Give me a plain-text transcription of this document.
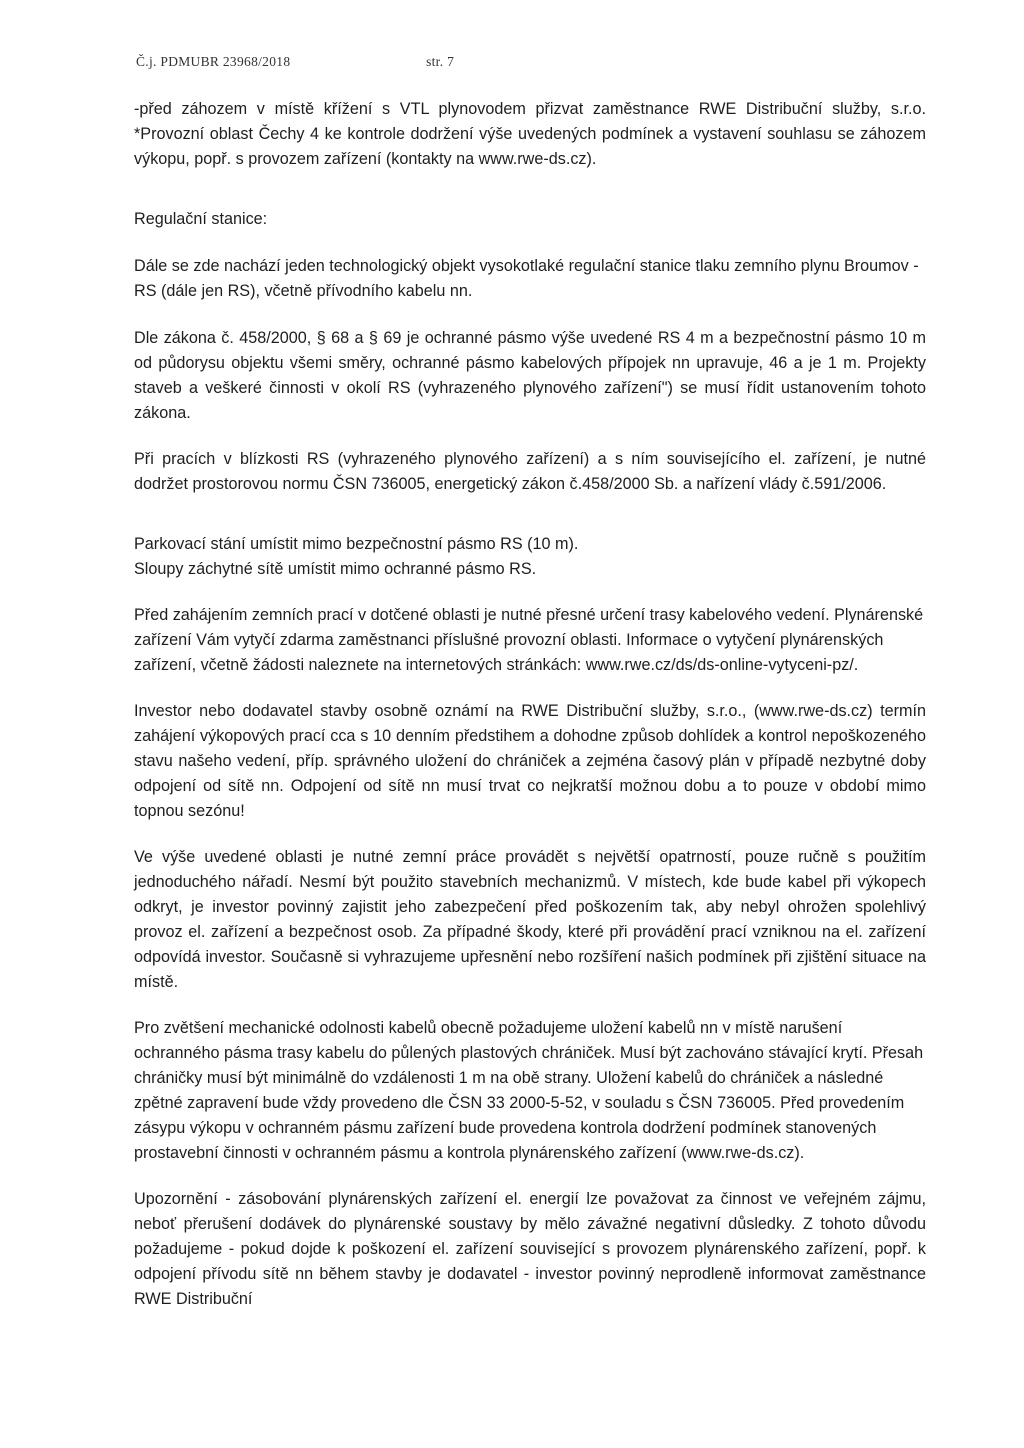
Č.j. PDMUBR 23968/2018	str. 7

-před záhozem v místě křížení s VTL plynovodem přizvat zaměstnance RWE Distribuční služby, s.r.o. *Provozní oblast Čechy 4 ke kontrole dodržení výše uvedených podmínek a vystavení souhlasu se záhozem výkopu, popř. s provozem zařízení (kontakty na www.rwe-ds.cz).

Regulační stanice:

Dále se zde nachází jeden technologický objekt vysokotlaké regulační stanice tlaku zemního plynu Broumov - RS (dále jen RS), včetně přívodního kabelu nn.

Dle zákona č. 458/2000, § 68 a § 69 je ochranné pásmo výše uvedené RS 4 m a bezpečnostní pásmo 10 m od půdorysu objektu všemi směry, ochranné pásmo kabelových přípojek nn upravuje, 46 a je 1 m. Projekty staveb a veškeré činnosti v okolí RS (vyhrazeného plynového zařízení") se musí řídit ustanovením tohoto zákona.

Při pracích v blízkosti RS (vyhrazeného plynového zařízení) a s ním souvisejícího el. zařízení, je nutné dodržet prostorovou normu ČSN 736005, energetický zákon č.458/2000 Sb. a nařízení vlády č.591/2006.

Parkovací stání umístit mimo bezpečnostní pásmo RS (10 m).

Sloupy záchytné sítě umístit mimo ochranné pásmo RS.

Před zahájením zemních prací v dotčené oblasti je nutné přesné určení trasy kabelového vedení. Plynárenské zařízení Vám vytyčí zdarma zaměstnanci příslušné provozní oblasti. Informace o vytyčení plynárenských zařízení, včetně žádosti naleznete na internetových stránkách: www.rwe.cz/ds/ds-online-vytyceni-pz/.

Investor nebo dodavatel stavby osobně oznámí na RWE Distribuční služby, s.r.o., (www.rwe-ds.cz) termín zahájení výkopových prací cca s 10 denním předstihem a dohodne způsob dohlídek a kontrol nepoškozeného stavu našeho vedení, příp. správného uložení do chrániček a zejména časový plán v případě nezbytné doby odpojení od sítě nn. Odpojení od sítě nn musí trvat co nejkratší možnou dobu a to pouze v období mimo topnou sezónu!

Ve výše uvedené oblasti je nutné zemní práce provádět s největší opatrností, pouze ručně s použitím jednoduchého nářadí. Nesmí být použito stavebních mechanizmů. V místech, kde bude kabel při výkopech odkryt, je investor povinný zajistit jeho zabezpečení před poškozením tak, aby nebyl ohrožen spolehlivý provoz el. zařízení a bezpečnost osob. Za případné škody, které při provádění prací vzniknou na el. zařízení odpovídá investor. Současně si vyhrazujeme upřesnění nebo rozšíření našich podmínek při zjištění situace na místě.

Pro zvětšení mechanické odolnosti kabelů obecně požadujeme uložení kabelů nn v místě narušení ochranného pásma trasy kabelu do půlených plastových chrániček. Musí být zachováno stávající krytí. Přesah chráničky musí být minimálně do vzdálenosti 1 m na obě strany. Uložení kabelů do chrániček a následné zpětné zapravení bude vždy provedeno dle ČSN 33 2000-5-52, v souladu s ČSN 736005. Před provedením zásypu výkopu v ochranném pásmu zařízení bude provedena kontrola dodržení podmínek stanovených prostavební činnosti v ochranném pásmu a kontrola plynárenského zařízení (www.rwe-ds.cz).

Upozornění - zásobování plynárenských zařízení el. energií lze považovat za činnost ve veřejném zájmu, neboť přerušení dodávek do plynárenské soustavy by mělo závažné negativní důsledky. Z tohoto důvodu požadujeme - pokud dojde k poškození el. zařízení související s provozem plynárenského zařízení, popř. k odpojení přívodu sítě nn během stavby je dodavatel - investor povinný neprodleně informovat zaměstnance RWE Distribuční
